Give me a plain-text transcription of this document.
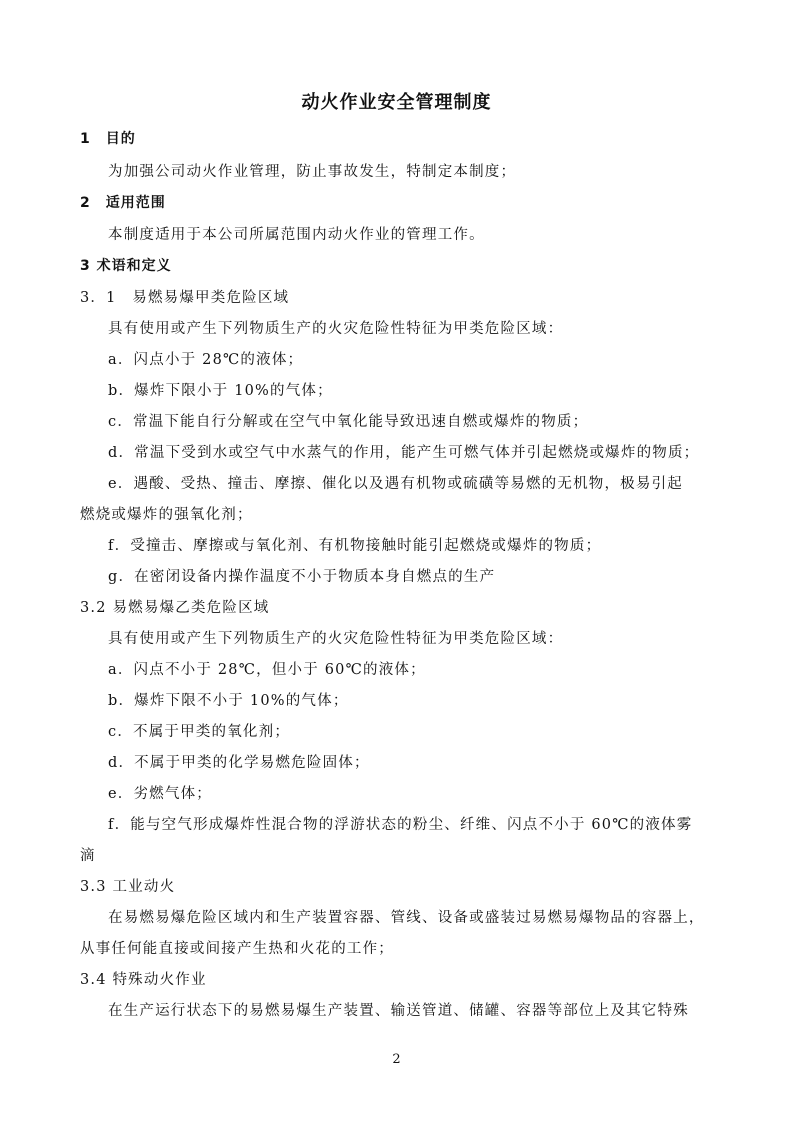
动火作业安全管理制度
1　目的
为加强公司动火作业管理，防止事故发生，特制定本制度；
2　适用范围
本制度适用于本公司所属范围内动火作业的管理工作。
3 术语和定义
3．1　易燃易爆甲类危险区域
具有使用或产生下列物质生产的火灾危险性特征为甲类危险区域：
a．闪点小于 28℃的液体；
b．爆炸下限小于 10%的气体；
c．常温下能自行分解或在空气中氧化能导致迅速自燃或爆炸的物质；
d．常温下受到水或空气中水蒸气的作用，能产生可燃气体并引起燃烧或爆炸的物质；
e．遇酸、受热、撞击、摩擦、催化以及遇有机物或硫磺等易燃的无机物，极易引起
燃烧或爆炸的强氧化剂；
f．受撞击、摩擦或与氧化剂、有机物接触时能引起燃烧或爆炸的物质；
g．在密闭设备内操作温度不小于物质本身自燃点的生产
3.2 易燃易爆乙类危险区域
具有使用或产生下列物质生产的火灾危险性特征为甲类危险区域：
a．闪点不小于 28℃，但小于 60℃的液体；
b．爆炸下限不小于 10%的气体；
c．不属于甲类的氧化剂；
d．不属于甲类的化学易燃危险固体；
e．劣燃气体；
f．能与空气形成爆炸性混合物的浮游状态的粉尘、纤维、闪点不小于 60℃的液体雾
滴
3.3 工业动火
在易燃易爆危险区域内和生产装置容器、管线、设备或盛装过易燃易爆物品的容器上，
从事任何能直接或间接产生热和火花的工作；
3.4 特殊动火作业
在生产运行状态下的易燃易爆生产装置、输送管道、储罐、容器等部位上及其它特殊
2
